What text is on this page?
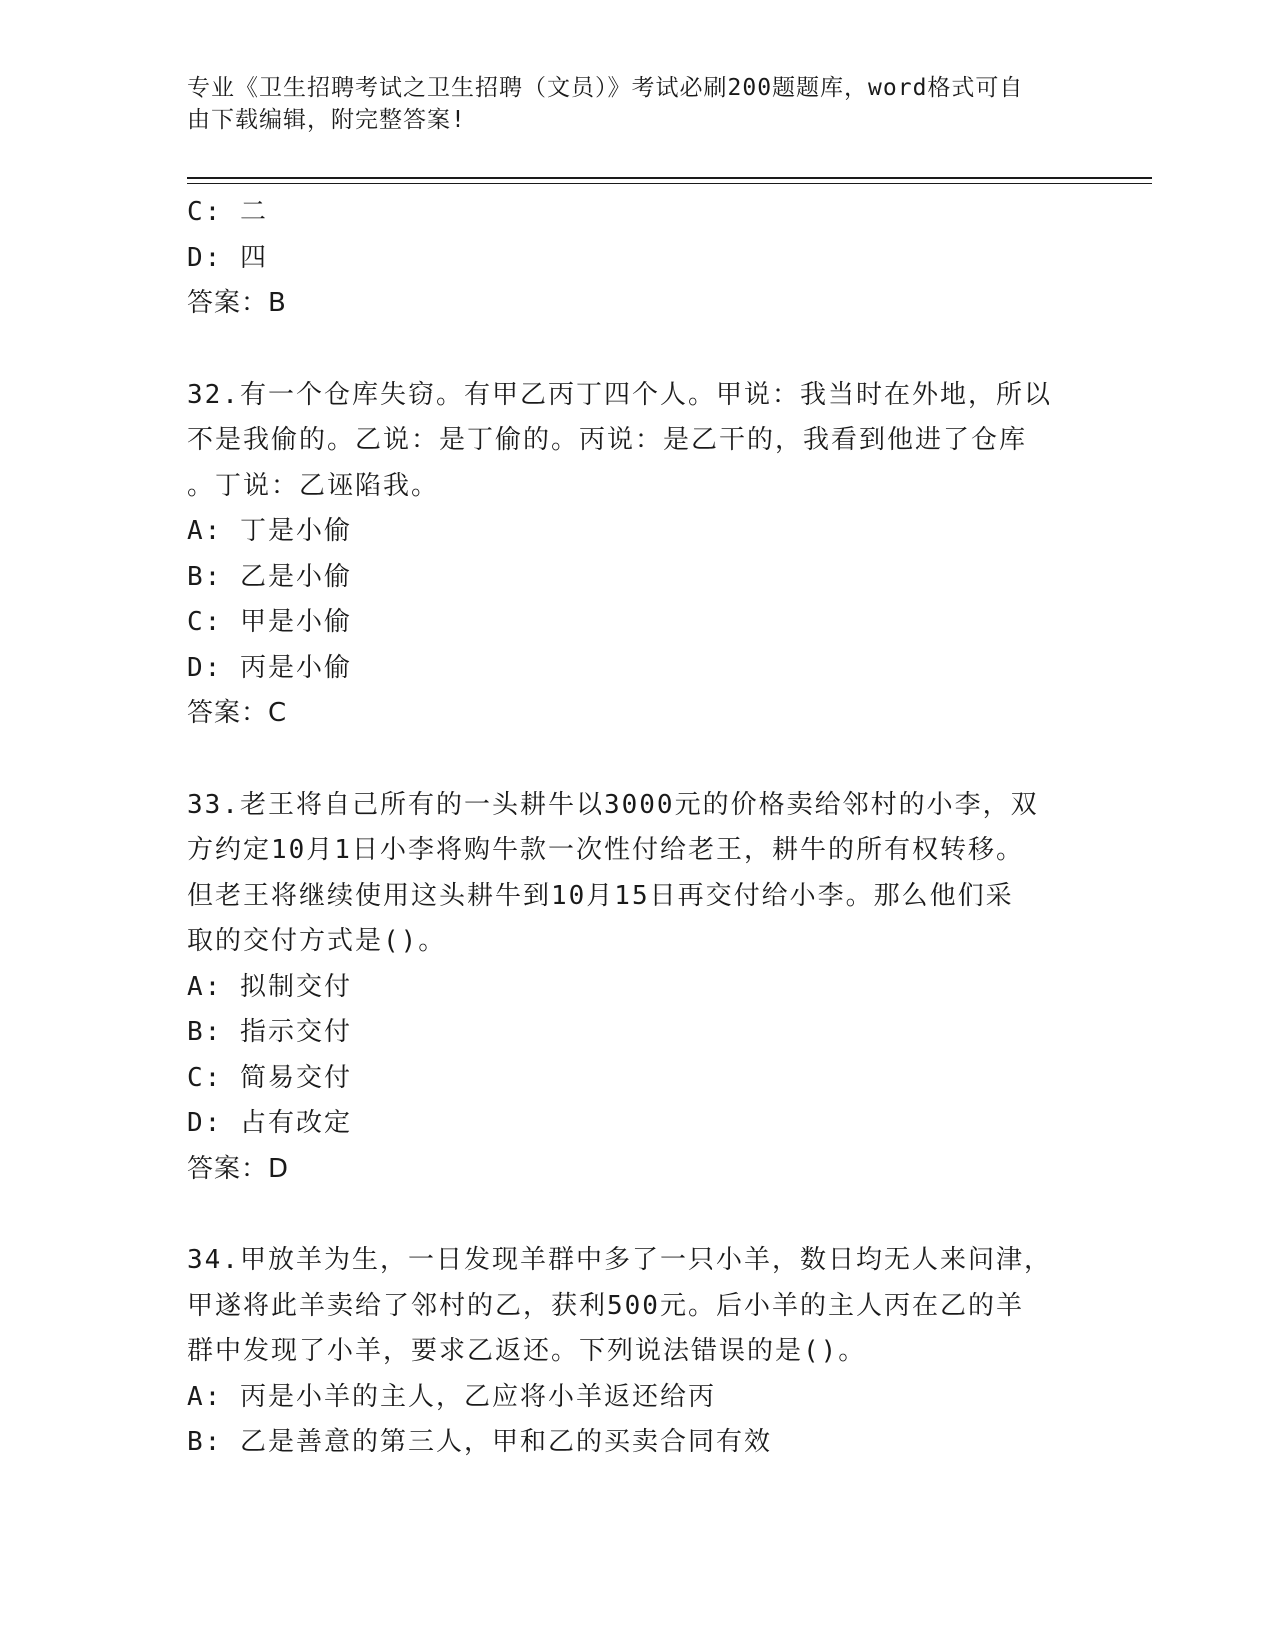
专业《卫生招聘考试之卫生招聘（文员）》考试必刷200题题库，word格式可自
由下载编辑，附完整答案!
C: 二
D: 四
答案：B
32.有一个仓库失窃。有甲乙丙丁四个人。甲说：我当时在外地，所以
不是我偷的。乙说：是丁偷的。丙说：是乙干的，我看到他进了仓库
。丁说：乙诬陷我。
A: 丁是小偷
B: 乙是小偷
C: 甲是小偷
D: 丙是小偷
答案：C
33.老王将自己所有的一头耕牛以3000元的价格卖给邻村的小李，双
方约定10月1日小李将购牛款一次性付给老王，耕牛的所有权转移。
但老王将继续使用这头耕牛到10月15日再交付给小李。那么他们采
取的交付方式是()。
A: 拟制交付
B: 指示交付
C: 简易交付
D: 占有改定
答案：D
34.甲放羊为生，一日发现羊群中多了一只小羊，数日均无人来问津，
甲遂将此羊卖给了邻村的乙，获利500元。后小羊的主人丙在乙的羊
群中发现了小羊，要求乙返还。下列说法错误的是()。
A: 丙是小羊的主人，乙应将小羊返还给丙
B: 乙是善意的第三人，甲和乙的买卖合同有效
